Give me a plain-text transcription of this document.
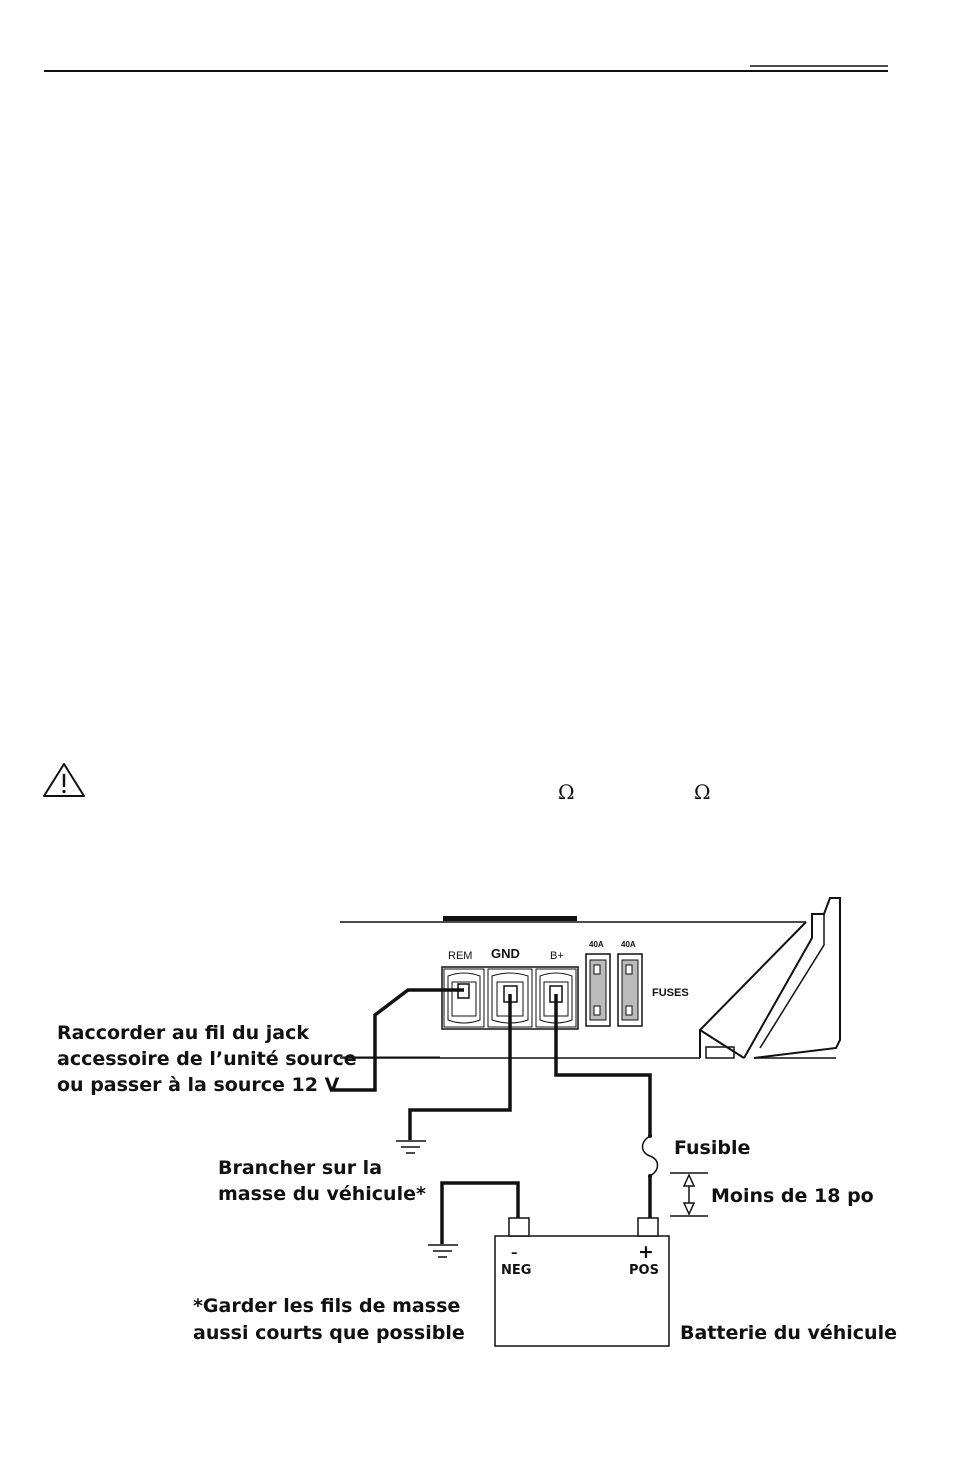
Ω	Ω
REM GND	B+
40A 40A
FUSES
–	+
NEG	POS
Raccorder au fil du jack
accessoire de l’unité source
ou passer à la source 12 V
Brancher sur la
masse du véhicule*
Fusible
Moins de 18 po
*Garder les fils de masse
aussi courts que possible	Batterie du véhicule
